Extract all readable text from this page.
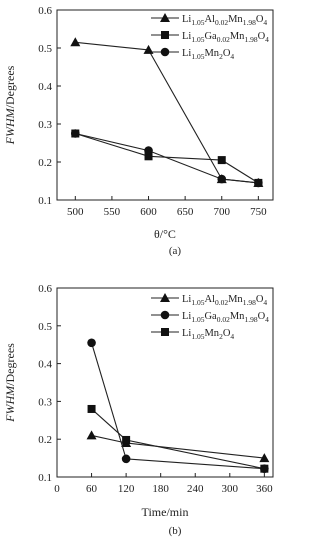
0.1
0.2
0.3
0.4
0.5
0.6
500 550 600 650 700 750
FWHM/Degrees
θ/°C
(a)
Li1.05Al0.02Mn1.98O4
Li1.05Ga0.02Mn1.98O4
Li1.05Mn2O4
0.1
0.2
0.3
0.4
0.5
0.6
0 60 120 180 240 300 360
FWHM/Degrees
Time/min
(b)
Li1.05Al0.02Mn1.98O4
Li1.05Ga0.02Mn1.98O4
Li1.05Mn2O4
